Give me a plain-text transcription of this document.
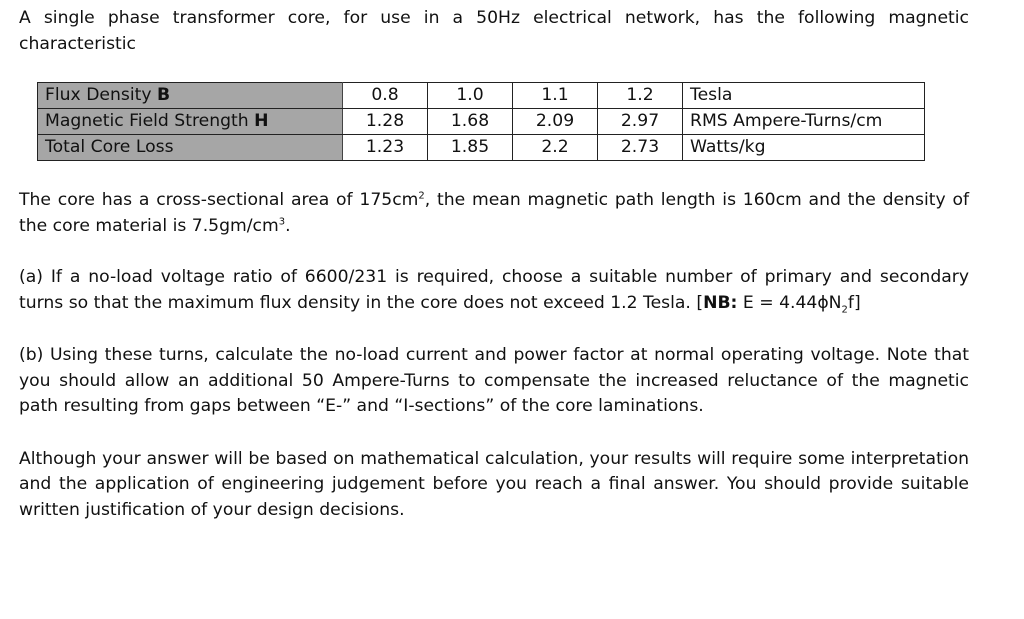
A single phase transformer core, for use in a 50Hz electrical network, has the following magnetic characteristic

Flux Density B	0.8	1.0	1.1	1.2	Tesla
Magnetic Field Strength H	1.28	1.68	2.09	2.97	RMS Ampere-Turns/cm
Total Core Loss	1.23	1.85	2.2	2.73	Watts/kg

The core has a cross-sectional area of $175cm^2$, the mean magnetic path length is 160cm and the density of the core material is $7.5gm/cm^3$.

(a) If a no-load voltage ratio of 6600/231 is required, choose a suitable number of primary and secondary turns so that the maximum flux density in the core does not exceed 1.2 Tesla. [NB: $E = 4.44\phi N_2f$]

(b) Using these turns, calculate the no-load current and power factor at normal operating voltage. Note that you should allow an additional 50 Ampere-Turns to compensate the increased reluctance of the magnetic path resulting from gaps between “E-” and “I-sections” of the core laminations.

Although your answer will be based on mathematical calculation, your results will require some interpretation and the application of engineering judgement before you reach a final answer. You should provide suitable written justification of your design decisions.
